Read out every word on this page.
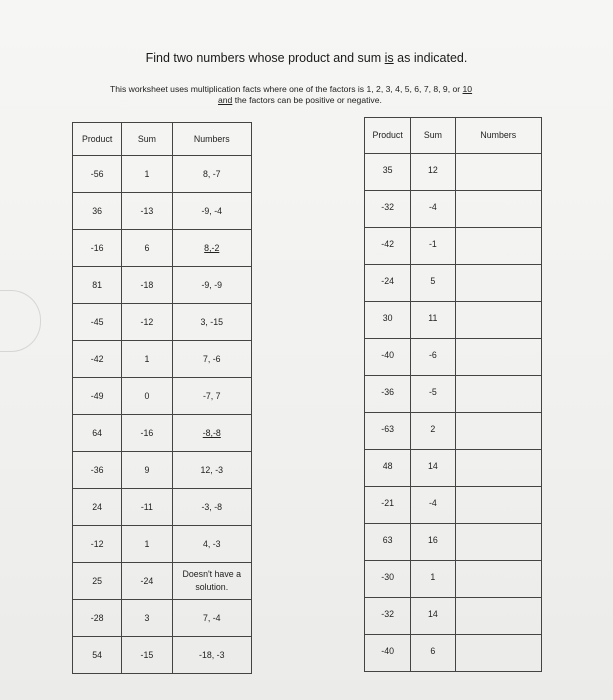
Find two numbers whose product and sum is as indicated.
This worksheet uses multiplication facts where one of the factors is 1, 2, 3, 4, 5, 6, 7, 8, 9, or 10
and the factors can be positive or negative.
Product	Sum	Numbers
-56	1	8, -7
36	-13	-9, -4
-16	6	8,-2
81	-18	-9, -9
-45	-12	3, -15
-42	1	7, -6
-49	0	-7, 7
64	-16	-8,-8
-36	9	12, -3
24	-11	-3, -8
-12	1	4, -3
25	-24	Doesn't have a
solution.
-28	3	7, -4
54	-15	-18, -3
Product	Sum	Numbers
35	12	
-32	-4	
-42	-1	
-24	5	
30	11	
-40	-6	
-36	-5	
-63	2	
48	14	
-21	-4	
63	16	
-30	1	
-32	14	
-40	6	
